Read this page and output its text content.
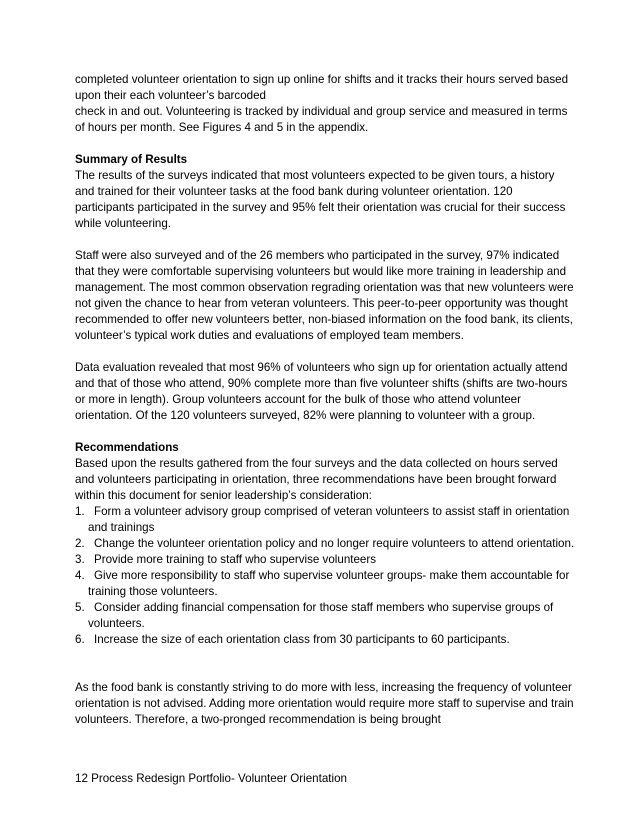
completed volunteer orientation to sign up online for shifts and it tracks their hours served based upon their each volunteer’s barcoded

check in and out. Volunteering is tracked by individual and group service and measured in terms of hours per month. See Figures 4 and 5 in the appendix.

Summary of Results

The results of the surveys indicated that most volunteers expected to be given tours, a history and trained for their volunteer tasks at the food bank during volunteer orientation. 120 participants participated in the survey and 95% felt their orientation was crucial for their success while volunteering.

Staff were also surveyed and of the 26 members who participated in the survey, 97% indicated that they were comfortable supervising volunteers but would like more training in leadership and management. The most common observation regrading orientation was that new volunteers were not given the chance to hear from veteran volunteers. This peer-to-peer opportunity was thought recommended to offer new volunteers better, non-biased information on the food bank, its clients, volunteer’s typical work duties and evaluations of employed team members.

Data evaluation revealed that most 96% of volunteers who sign up for orientation actually attend and that of those who attend, 90% complete more than five volunteer shifts (shifts are two-hours or more in length). Group volunteers account for the bulk of those who attend volunteer orientation. Of the 120 volunteers surveyed, 82% were planning to volunteer with a group.

Recommendations

Based upon the results gathered from the four surveys and the data collected on hours served and volunteers participating in orientation, three recommendations have been brought forward within this document for senior leadership’s consideration:

1. Form a volunteer advisory group comprised of veteran volunteers to assist staff in orientation and trainings
2. Change the volunteer orientation policy and no longer require volunteers to attend orientation.
3. Provide more training to staff who supervise volunteers
4. Give more responsibility to staff who supervise volunteer groups- make them accountable for training those volunteers.
5. Consider adding financial compensation for those staff members who supervise groups of volunteers.
6. Increase the size of each orientation class from 30 participants to 60 participants.

As the food bank is constantly striving to do more with less, increasing the frequency of volunteer orientation is not advised. Adding more orientation would require more staff to supervise and train volunteers. Therefore, a two-pronged recommendation is being brought

12 Process Redesign Portfolio- Volunteer Orientation
